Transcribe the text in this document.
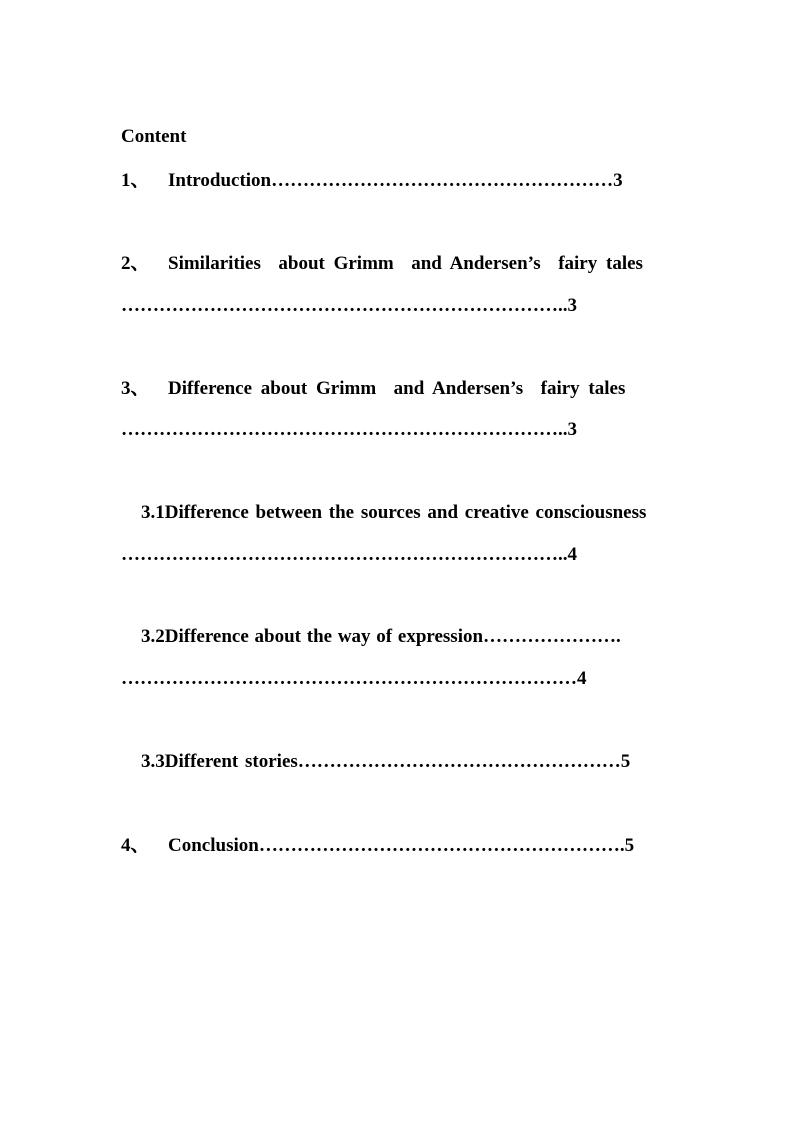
Content
1、 Introduction………………………………………………3
2、 Similarities  about Grimm  and Andersen’s  fairy tales
……………………………………………………………..3
3、 Difference about Grimm  and Andersen’s  fairy tales
……………………………………………………………..3
3.1Difference between the sources and creative consciousness
……………………………………………………………..4
3.2Difference about the way of expression………………….
………………………………………………………………4
3.3Different stories……………………………………………5
4、 Conclusion………………………………………………….5
